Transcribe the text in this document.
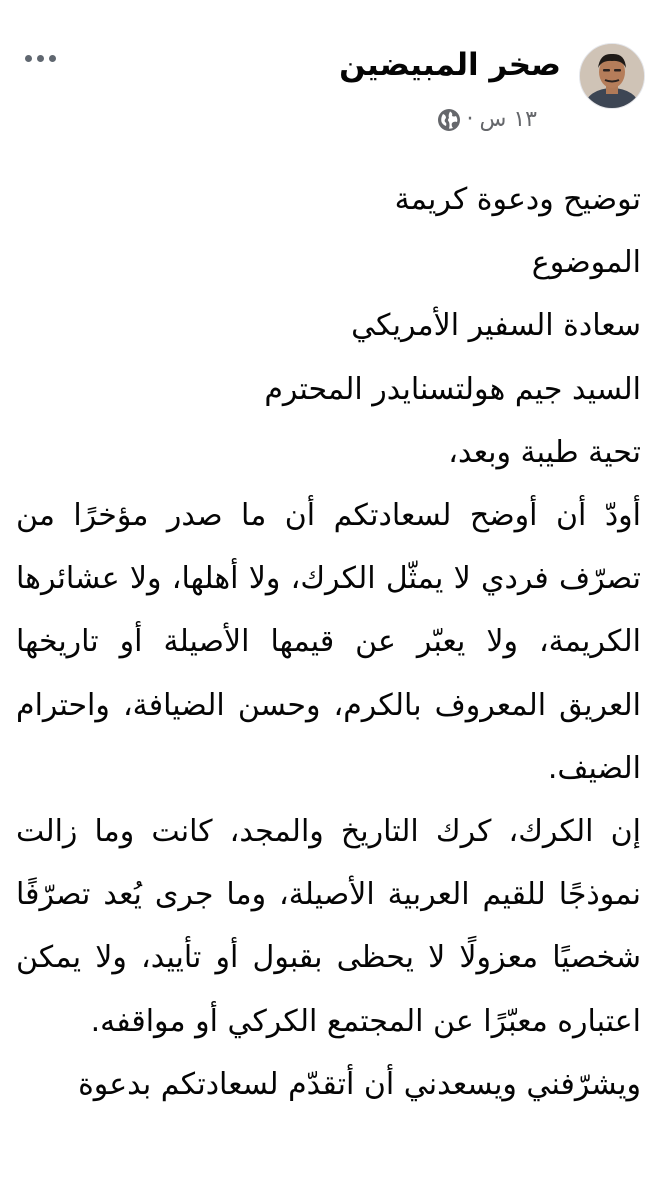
صخر المبيضين
١٣ س
·

توضيح ودعوة كريمة

الموضوع

سعادة السفير الأمريكي

السيد جيم هولتسنايدر المحترم

تحية طيبة وبعد،

أودّ أن أوضح لسعادتكم أن ما صدر مؤخرًا من تصرّف فردي لا يمثّل الكرك، ولا أهلها، ولا عشائرها الكريمة، ولا يعبّر عن قيمها الأصيلة أو تاريخها العريق المعروف بالكرم، وحسن الضيافة، واحترام الضيف.

إن الكرك، كرك التاريخ والمجد، كانت وما زالت نموذجًا للقيم العربية الأصيلة، وما جرى يُعد تصرّفًا شخصيًا معزولًا لا يحظى بقبول أو تأييد، ولا يمكن اعتباره معبّرًا عن المجتمع الكركي أو مواقفه.

ويشرّفني ويسعدني أن أتقدّم لسعادتكم بدعوة
